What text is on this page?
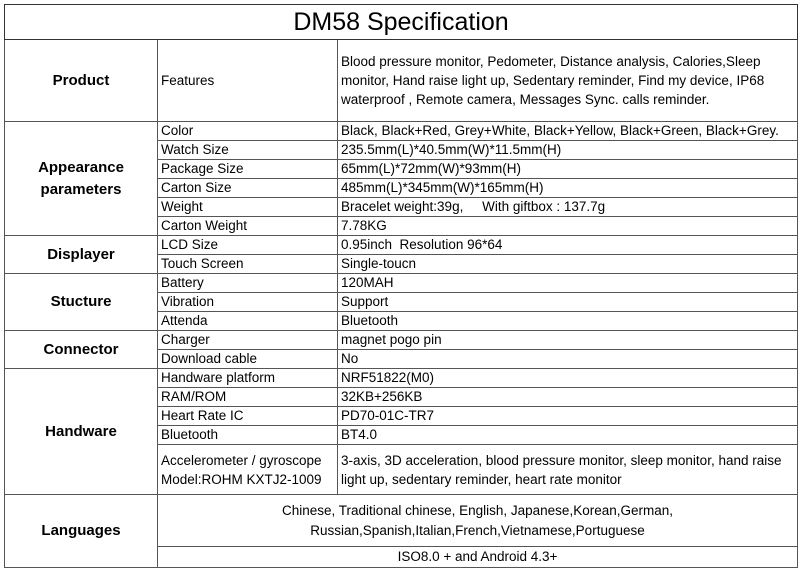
DM58 Specification		
Product	Features	Blood pressure monitor, Pedometer, Distance analysis, Calories,Sleep monitor, Hand raise light up, Sedentary reminder, Find my device, IP68 waterproof , Remote camera, Messages Sync. calls reminder.
Appearance parameters	Color	Black, Black+Red, Grey+White, Black+Yellow, Black+Green, Black+Grey.
	Watch Size	235.5mm(L)*40.5mm(W)*11.5mm(H)
	Package Size	65mm(L)*72mm(W)*93mm(H)
	Carton Size	485mm(L)*345mm(W)*165mm(H)
	Weight	Bracelet weight:39g,     With giftbox : 137.7g
	Carton Weight	7.78KG
Displayer	LCD Size	0.95inch  Resolution 96*64
	Touch Screen	Single-toucn
Stucture	Battery	120MAH
	Vibration	Support
	Attenda	Bluetooth
Connector	Charger	magnet pogo pin
	Download cable	No
Handware	Handware platform	NRF51822(M0)
	RAM/ROM	32KB+256KB
	Heart Rate IC	PD70-01C-TR7
	Bluetooth	BT4.0
	Accelerometer / gyroscope Model:ROHM KXTJ2-1009	3-axis, 3D acceleration, blood pressure monitor, sleep monitor, hand raise light up, sedentary reminder, heart rate monitor
Languages	Chinese, Traditional chinese, English, Japanese,Korean,German, Russian,Spanish,Italian,French,Vietnamese,Portuguese	
	ISO8.0 + and Android 4.3+	
